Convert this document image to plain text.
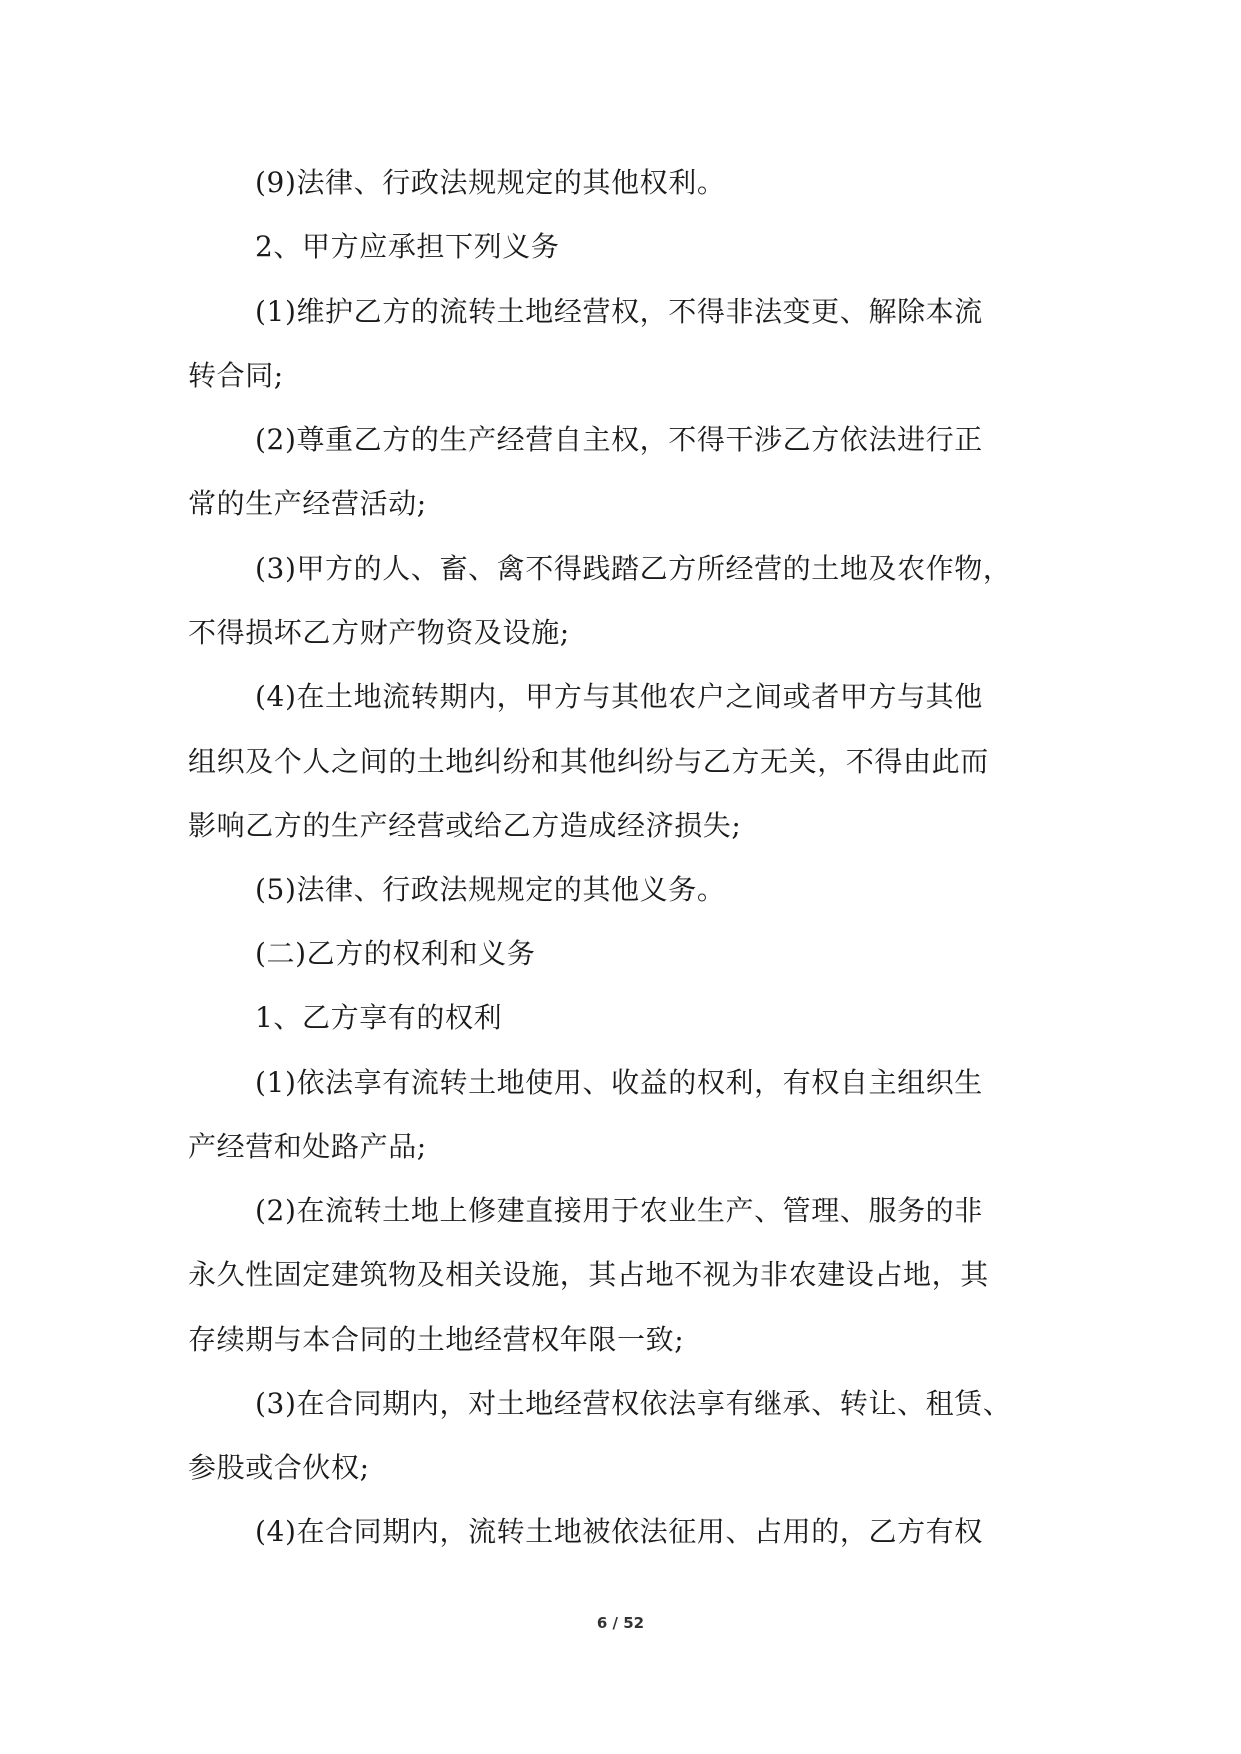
(9)法律、行政法规规定的其他权利。
2、甲方应承担下列义务
(1)维护乙方的流转土地经营权，不得非法变更、解除本流
转合同;
(2)尊重乙方的生产经营自主权，不得干涉乙方依法进行正
常的生产经营活动;
(3)甲方的人、畜、禽不得践踏乙方所经营的土地及农作物，
不得损坏乙方财产物资及设施;
(4)在土地流转期内，甲方与其他农户之间或者甲方与其他
组织及个人之间的土地纠纷和其他纠纷与乙方无关，不得由此而
影响乙方的生产经营或给乙方造成经济损失;
(5)法律、行政法规规定的其他义务。
(二)乙方的权利和义务
1、乙方享有的权利
(1)依法享有流转土地使用、收益的权利，有权自主组织生
产经营和处路产品;
(2)在流转土地上修建直接用于农业生产、管理、服务的非
永久性固定建筑物及相关设施，其占地不视为非农建设占地，其
存续期与本合同的土地经营权年限一致;
(3)在合同期内，对土地经营权依法享有继承、转让、租赁、
参股或合伙权;
(4)在合同期内，流转土地被依法征用、占用的，乙方有权
6 / 52
